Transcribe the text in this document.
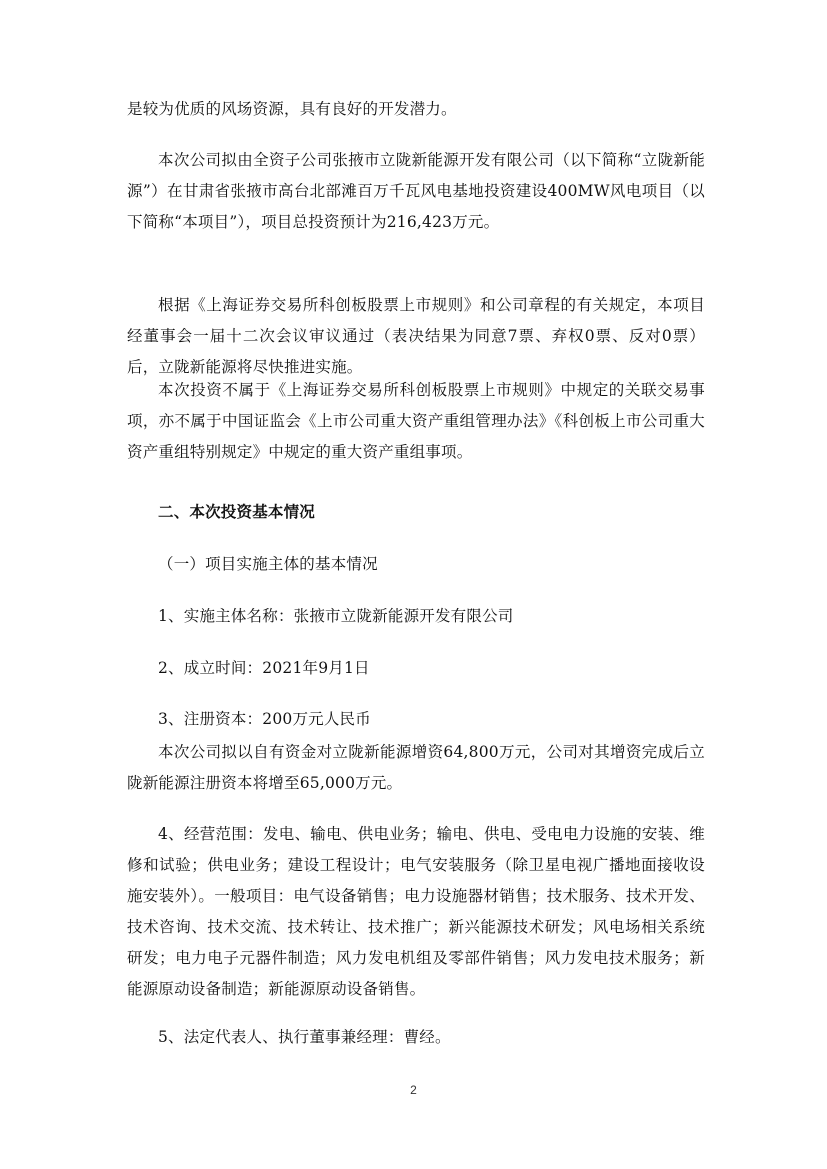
是较为优质的风场资源，具有良好的开发潜力。

本次公司拟由全资子公司张掖市立陇新能源开发有限公司（以下简称“立陇新能源”）在甘肃省张掖市高台北部滩百万千瓦风电基地投资建设400MW风电项目（以下简称“本项目”），项目总投资预计为216,423万元。

根据《上海证券交易所科创板股票上市规则》和公司章程的有关规定，本项目经董事会一届十二次会议审议通过（表决结果为同意7票、弃权0票、反对0票）后，立陇新能源将尽快推进实施。

本次投资不属于《上海证券交易所科创板股票上市规则》中规定的关联交易事项，亦不属于中国证监会《上市公司重大资产重组管理办法》《科创板上市公司重大资产重组特别规定》中规定的重大资产重组事项。

二、本次投资基本情况

（一）项目实施主体的基本情况

1、实施主体名称：张掖市立陇新能源开发有限公司

2、成立时间：2021年9月1日

3、注册资本：200万元人民币

本次公司拟以自有资金对立陇新能源增资64,800万元，公司对其增资完成后立陇新能源注册资本将增至65,000万元。

4、经营范围：发电、输电、供电业务；输电、供电、受电电力设施的安装、维修和试验；供电业务；建设工程设计；电气安装服务（除卫星电视广播地面接收设施安装外）。一般项目：电气设备销售；电力设施器材销售；技术服务、技术开发、技术咨询、技术交流、技术转让、技术推广；新兴能源技术研发；风电场相关系统研发；电力电子元器件制造；风力发电机组及零部件销售；风力发电技术服务；新能源原动设备制造；新能源原动设备销售。

5、法定代表人、执行董事兼经理：曹经。

2
